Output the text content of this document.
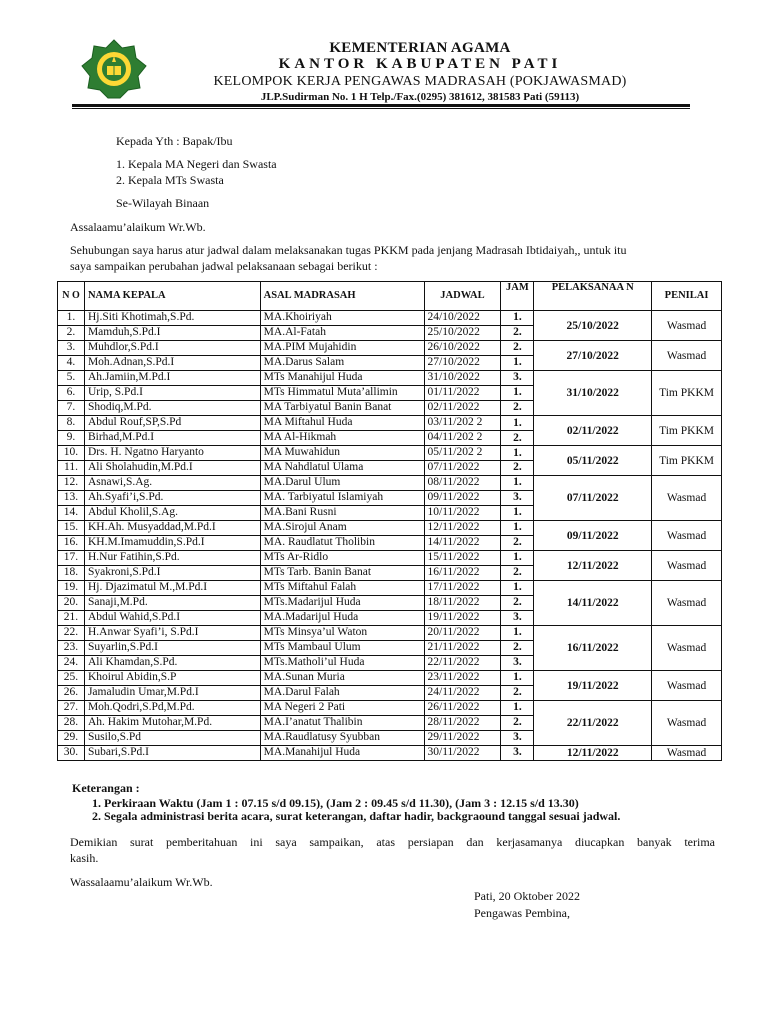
KEMENTERIAN AGAMA
KANTOR KABUPATEN PATI
KELOMPOK KERJA PENGAWAS MADRASAH (POKJAWASMAD)
JLP.Sudirman No. 1 H Telp./Fax.(0295) 381612, 381583 Pati (59113)
Kepada Yth : Bapak/Ibu
1. Kepala MA Negeri dan Swasta
2. Kepala MTs Swasta
Se-Wilayah Binaan
Assalaamu’alaikum Wr.Wb.
Sehubungan saya harus atur jadwal dalam melaksanakan tugas PKKM pada jenjang Madrasah Ibtidaiyah,, untuk itu
saya sampaikan perubahan jadwal pelaksanaan sebagai berikut :
N O	NAMA KEPALA	ASAL MADRASAH	JADWAL	JAM	PELAKSANAA N	PENILAI
1.	Hj.Siti Khotimah,S.Pd.	MA.Khoiriyah	24/10/2022	1.	25/10/2022	Wasmad
2.	Mamduh,S.Pd.I	MA.Al-Fatah	25/10/2022	2.		
3.	Muhdlor,S.Pd.I	MA.PIM Mujahidin	26/10/2022	2.	27/10/2022	Wasmad
4.	Moh.Adnan,S.Pd.I	MA.Darus Salam	27/10/2022	1.		
5.	Ah.Jamiin,M.Pd.I	MTs Manahijul Huda	31/10/2022	3.	31/10/2022	Tim PKKM
6.	Urip, S.Pd.I	MTs Himmatul Muta’allimin	01/11/2022	1.		
7.	Shodiq,M.Pd.	MA Tarbiyatul Banin Banat	02/11/2022	2.		
8.	Abdul Rouf,SP,S.Pd	MA Miftahul Huda	03/11/202 2	1.	02/11/2022	Tim PKKM
9.	Birhad,M.Pd.I	MA Al-Hikmah	04/11/202 2	2.		
10.	Drs. H. Ngatno Haryanto	MA Muwahidun	05/11/202 2	1.	05/11/2022	Tim PKKM
11.	Ali Sholahudin,M.Pd.I	MA Nahdlatul Ulama	07/11/2022	2.		
12.	Asnawi,S.Ag.	MA.Darul Ulum	08/11/2022	1.	07/11/2022	Wasmad
13.	Ah.Syafi’i,S.Pd.	MA. Tarbiyatul Islamiyah	09/11/2022	3.		
14.	Abdul Kholil,S.Ag.	MA.Bani Rusni	10/11/2022	1.		
15.	KH.Ah. Musyaddad,M.Pd.I	MA.Sirojul Anam	12/11/2022	1.	09/11/2022	Wasmad
16.	KH.M.Imamuddin,S.Pd.I	MA. Raudlatut Tholibin	14/11/2022	2.		
17.	H.Nur Fatihin,S.Pd.	MTs Ar-Ridlo	15/11/2022	1.	12/11/2022	Wasmad
18.	Syakroni,S.Pd.I	MTs Tarb. Banin Banat	16/11/2022	2.		
19.	Hj. Djazimatul M.,M.Pd.I	MTs Miftahul Falah	17/11/2022	1.	14/11/2022	Wasmad
20.	Sanaji,M.Pd.	MTs.Madarijul Huda	18/11/2022	2.		
21.	Abdul Wahid,S.Pd.I	MA.Madarijul Huda	19/11/2022	3.		
22.	H.Anwar Syafi’i, S.Pd.I	MTs Minsya’ul Waton	20/11/2022	1.	16/11/2022	Wasmad
23.	Suyarlin,S.Pd.I	MTs Mambaul Ulum	21/11/2022	2.		
24.	Ali Khamdan,S.Pd.	MTs.Matholi’ul Huda	22/11/2022	3.		
25.	Khoirul Abidin,S.P	MA.Sunan Muria	23/11/2022	1.	19/11/2022	Wasmad
26.	Jamaludin Umar,M.Pd.I	MA.Darul Falah	24/11/2022	2.		
27.	Moh.Qodri,S.Pd,M.Pd.	MA Negeri 2 Pati	26/11/2022	1.	22/11/2022	Wasmad
28.	Ah. Hakim Mutohar,M.Pd.	MA.I’anatut Thalibin	28/11/2022	2.		
29.	Susilo,S.Pd	MA.Raudlatusy Syubban	29/11/2022	3.		
30.	Subari,S.Pd.I	MA.Manahijul Huda	30/11/2022	3.	12/11/2022	Wasmad
Keterangan :
1. Perkiraan Waktu (Jam 1 : 07.15 s/d 09.15), (Jam 2 : 09.45 s/d 11.30), (Jam 3 : 12.15 s/d 13.30)
2. Segala administrasi berita acara, surat keterangan, daftar hadir, backgraound tanggal sesuai jadwal.
Demikian surat pemberitahuan ini saya sampaikan, atas persiapan dan kerjasamanya diucapkan banyak terima
kasih.
Wassalaamu’alaikum Wr.Wb.
Pati, 20 Oktober 2022
Pengawas Pembina,
